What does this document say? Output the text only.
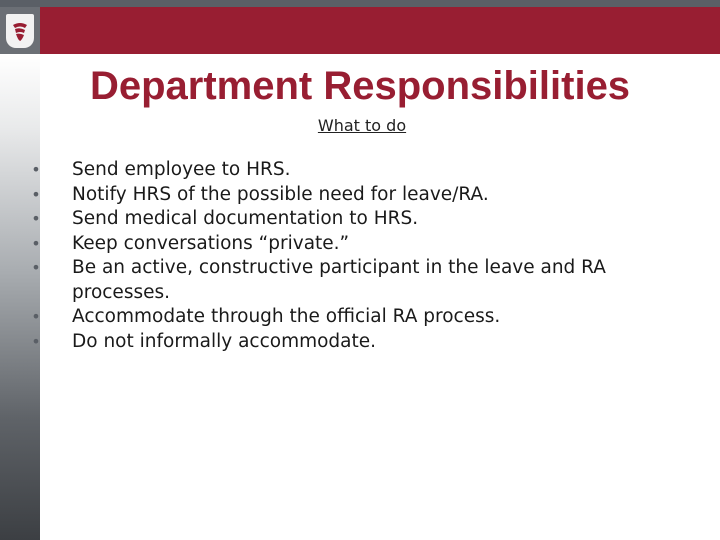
Department Responsibilities
What to do
• Send employee to HRS.
• Notify HRS of the possible need for leave/RA.
• Send medical documentation to HRS.
• Keep conversations “private.”
• Be an active, constructive participant in the leave and RA processes.
• Accommodate through the official RA process.
• Do not informally accommodate.
